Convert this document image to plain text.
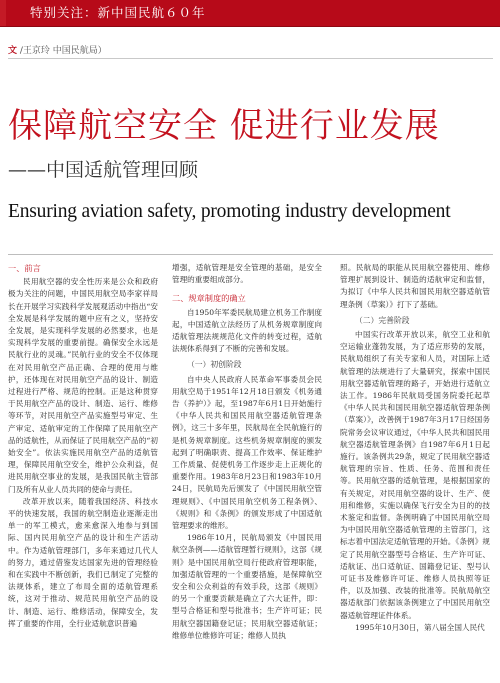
特别关注：新中国民航６０年
文 /王京玲 中国民航局）
保障航空安全 促进行业发展
——中国适航管理回顾
Ensuring aviation safety, promoting industry development

一、前言

民用航空器的安全性历来是公众和政府极为关注的问题，中国民用航空局李家祥局长在开展学习实践科学发展观活动中指出“安全发展是科学发展的题中应有之义，坚持安全发展，是实现科学发展的必然要求，也是实现科学发展的重要前提。确保安全永远是民航行业的灵魂。”民航行业的安全不仅体现在对民用航空产品正确、合理的使用与维护，还体现在对民用航空产品的设计、制造过程进行严格、规范的控制。正是这种贯穿于民用航空产品的设计、制造、运行、维修等环节，对民用航空产品实施型号审定、生产审定、适航审定的工作保障了民用航空产品的适航性，从而保证了民用航空产品的“初始安全”。依法实施民用航空产品的适航管理，保障民用航空安全，维护公众利益，促进民用航空事业的发展，是我国民航主管部门及所有从业人员共同的使命与责任。

改革开放以来，随着我国经济、科技水平的快速发展，我国的航空制造业逐渐走出单一的军工模式，愈来愈深入地参与到国际、国内民用航空产品的设计和生产活动中。作为适航管理部门，多年来通过几代人的努力，通过借鉴发达国家先进的管理经验和在实践中不断创新，我们已制定了完整的法规体系，建立了布局全面的适航管理系统，这对于推动、规范民用航空产品的设计、制造、运行、维修活动，保障安全，发挥了重要的作用，全行业适航意识普遍

增强，适航管理是安全管理的基础，是安全管理的重要组成部分。

二、规章制度的确立

自1950年军委民航局建立机务工作制度起，中国适航立法经历了从机务规章制度向适航管理法规规范化文件的转变过程，适航法规体系得到了不断的完善和发展。

（一）初创阶段

自中央人民政府人民革命军事委员会民用航空局于1951年12月18日颁发《机务通告（养护）》起，至1987年6月1日开始施行《中华人民共和国民用航空器适航管理条例》，这三十多年里，民航局在全民航施行的是机务规章制度。这些机务规章制度的颁发起到了明确职责、提高工作效率、保证维护工作质量、促使机务工作逐步走上正规化的重要作用。1983年8月23日和1983年10月24日，民航局先后颁发了《中国民用航空管理规则》、《中国民用航空机务工程条例》、《规则》和《条例》的颁发形成了中国适航管理要求的维形。

1986年10月，民航局颁发《中国民用航空条例——适航管理暂行规则》，这部《规则》是中国民用航空局行使政府管理职能，加强适航管理的一个重要措施，是保障航空安全和公众利益的有效手段，这部《规则》的另一个重要贡献是确立了六大证件，即：型号合格证和型号批准书；生产许可证；民用航空器国籍登记证；民用航空器适航证；维修单位维修许可证；维修人员执

照。民航局的职能从民用航空器使用、维修管理扩展到设计、制造的适航审定和监督，为拟订《中华人民共和国民用航空器适航管理条例（草案）》打下了基础。

（二）完善阶段

中国实行改革开放以来，航空工业和航空运输业蓬勃发展，为了适应形势的发展，民航局组织了有关专家和人员，对国际上适航管理的法规进行了大量研究，探索中国民用航空器适航管理的路子，开始进行适航立法工作。1986年民航局受国务院委托起草《中华人民共和国民用航空器适航管理条例（草案）》，改善例于1987年3月17日经国务院常务会议审议通过，《中华人民共和国民用航空器适航管理条例》自1987年6月1日起施行。该条例共29条，规定了民用航空器适航管理的宗旨、性质、任务、范围和责任等。民用航空器的适航管理，是根据国家的有关规定，对民用航空器的设计、生产、使用和维修，实施以确保飞行安全为目的的技术鉴定和监督。条例明确了中国民用航空局为中国民用航空器适航管理的主管部门，这标志着中国法定适航管理的开始。《条例》规定了民用航空器型号合格证、生产许可证、适航证、出口适航证、国籍登记证、型号认可证书及维修许可证、维修人员执照等证件，以及加强、改装的批准等。民航局航空器适航部门依据该条例建立了中国民用航空器适航管理证件体系。

1995年10月30日，第八届全国人民代
